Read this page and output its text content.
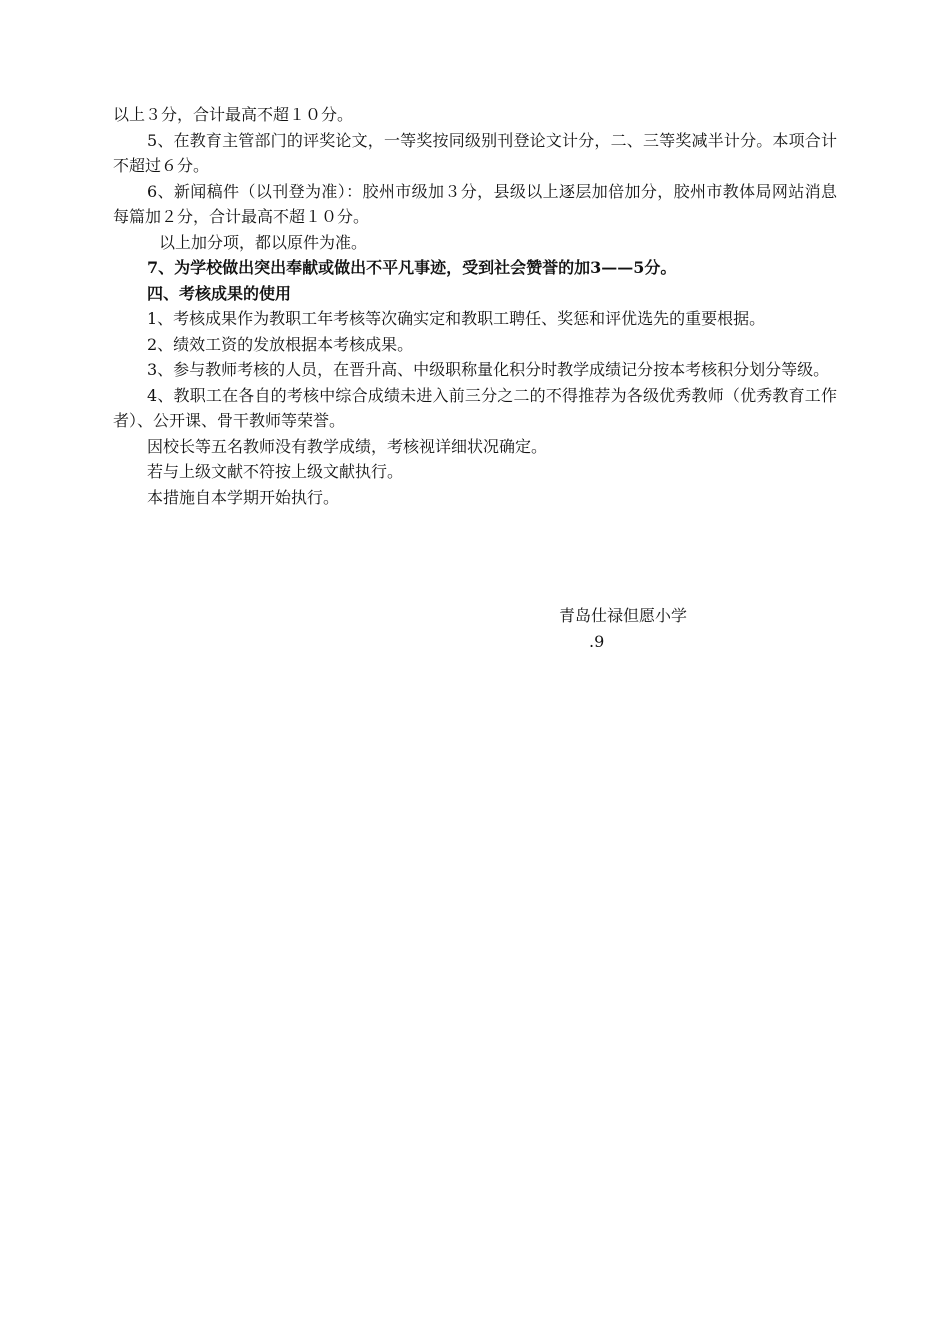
以上３分，合计最高不超１０分。

5、在教育主管部门的评奖论文，一等奖按同级别刊登论文计分，二、三等奖减半计分。本项合计不超过６分。

6、新闻稿件（以刊登为准）：胶州市级加３分，县级以上逐层加倍加分，胶州市教体局网站消息每篇加２分，合计最高不超１０分。

以上加分项，都以原件为准。

7、为学校做出突出奉献或做出不平凡事迹，受到社会赞誉的加3——5分。

四、考核成果的使用

1、考核成果作为教职工年考核等次确实定和教职工聘任、奖惩和评优选先的重要根据。

2、绩效工资的发放根据本考核成果。

3、参与教师考核的人员，在晋升高、中级职称量化积分时教学成绩记分按本考核积分划分等级。

4、教职工在各自的考核中综合成绩未进入前三分之二的不得推荐为各级优秀教师（优秀教育工作者）、公开课、骨干教师等荣誉。

因校长等五名教师没有教学成绩，考核视详细状况确定。

若与上级文献不符按上级文献执行。

本措施自本学期开始执行。

青岛仕禄但愿小学
.9
